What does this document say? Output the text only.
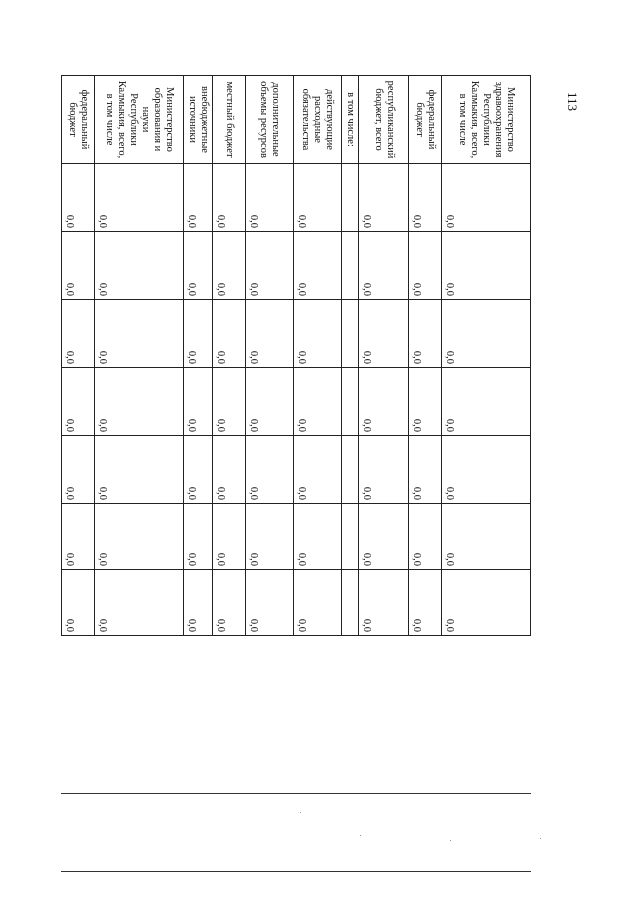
113
Министерство здравоохранения Республики Калмыкия, всего, в том числе	0,0	0,0	0,0	0,0	0,0	0,0	0,0
федеральный бюджет	0,0	0,0	0,0	0,0	0,0	0,0	0,0
республиканский бюджет, всего	0,0	0,0	0,0	0,0	0,0	0,0	0,0
в том числе:							
действующие расходные обязательства	0,0	0,0	0,0	0,0	0,0	0,0	0,0
дополнительные объемы ресурсов	0,0	0,0	0,0	0,0	0,0	0,0	0,0
местный бюджет	0,0	0,0	0,0	0,0	0,0	0,0	0,0
внебюджетные источники	0,0	0,0	0,0	0,0	0,0	0,0	0,0
Министерство образования и науки Республики Калмыкия, всего, в том числе	0,0	0,0	0,0	0,0	0,0	0,0	0,0
федеральный бюджет	0,0	0,0	0,0	0,0	0,0	0,0	0,0
